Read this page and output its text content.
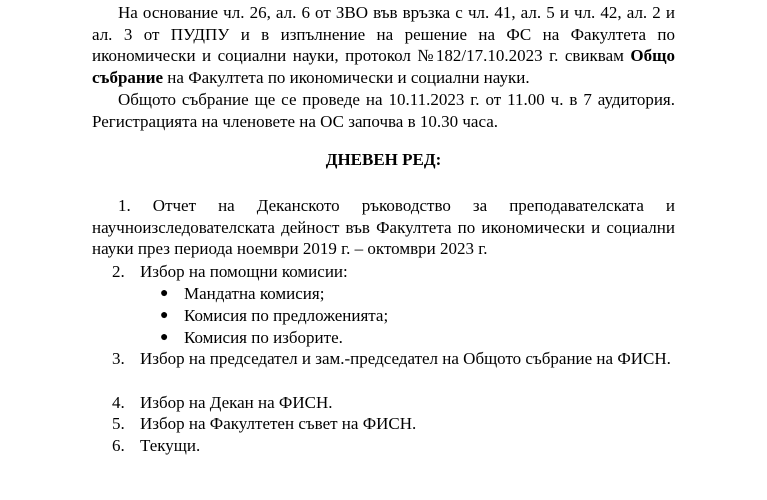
На основание чл. 26, ал. 6 от ЗВО във връзка с чл. 41, ал. 5 и чл. 42, ал. 2 и ал. 3 от ПУДПУ и в изпълнение на решение на ФС на Факултета по икономически и социални науки, протокол №182/17.10.2023 г. свиквам Общо събрание на Факултета по икономически и социални науки.

Общото събрание ще се проведе на 10.11.2023 г. от 11.00 ч. в 7 аудитория. Регистрацията на членовете на ОС започва в 10.30 часа.

ДНЕВЕН РЕД:

1. Отчет на Деканското ръководство за преподавателската и научноизследователската дейност във Факултета по икономически и социални науки през периода ноември 2019 г. – октомври 2023 г.

2. Избор на помощни комисии:
● Мандатна комисия;
● Комисия по предложенията;
● Комисия по изборите.
3. Избор на председател и зам.-председател на Общото събрание на ФИСН.
4. Избор на Декан на ФИСН.
5. Избор на Факултетен съвет на ФИСН.
6. Текущи.
